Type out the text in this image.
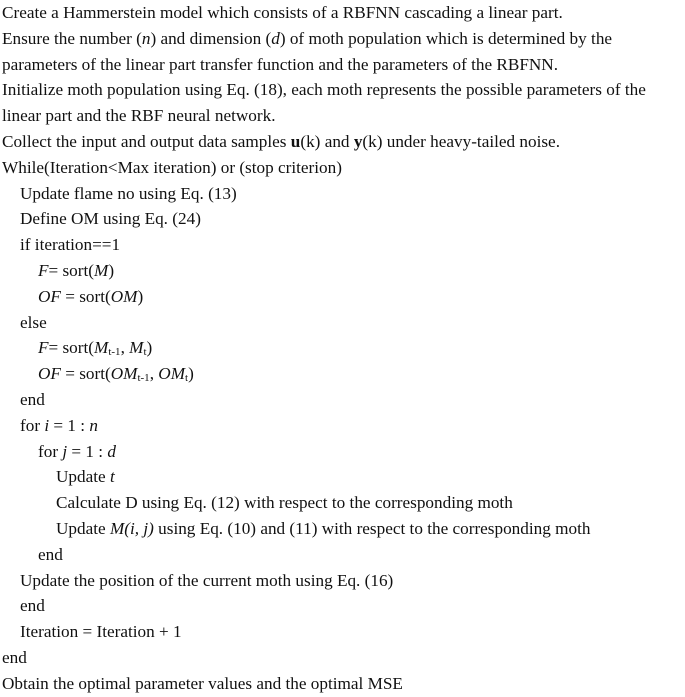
Create a Hammerstein model which consists of a RBFNN cascading a linear part.
Ensure the number (n) and dimension (d) of moth population which is determined by the
parameters of the linear part transfer function and the parameters of the RBFNN.
Initialize moth population using Eq. (18), each moth represents the possible parameters of the
linear part and the RBF neural network.
Collect the input and output data samples u(k) and y(k) under heavy-tailed noise.
While(Iteration<Max iteration) or (stop criterion)
Update flame no using Eq. (13)
Define OM using Eq. (24)
if iteration==1
F= sort(M)
OF = sort(OM)
else
$F= sort(M_{t-1}$, $M_t$)
OF = $sort(OM_{t-1}$, $OM_t$)
end
for i = 1 : n
for j = 1 : d
Update t
Calculate D using Eq. (12) with respect to the corresponding moth
Update M(i, j) using Eq. (10) and (11) with respect to the corresponding moth
end
Update the position of the current moth using Eq. (16)
end
Iteration = Iteration + 1
end
Obtain the optimal parameter values and the optimal MSE
